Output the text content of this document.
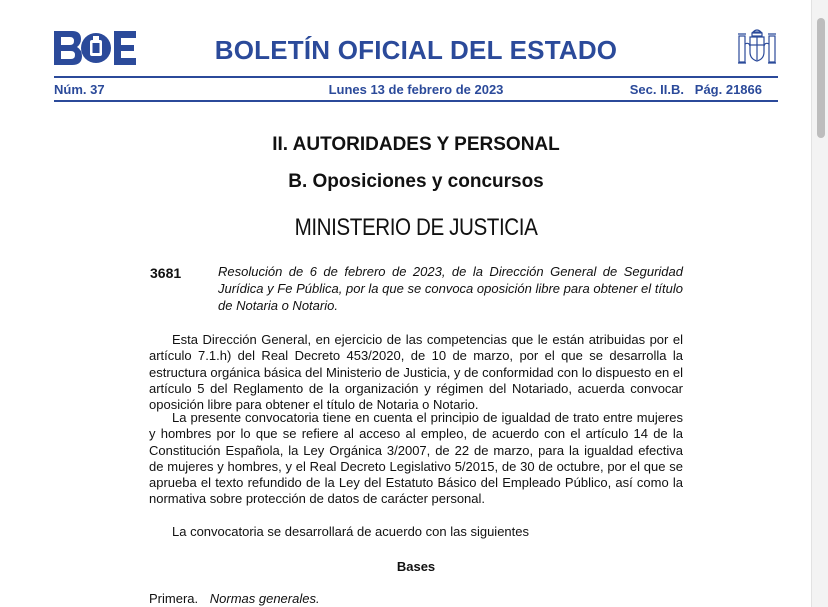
BOLETÍN OFICIAL DEL ESTADO
Núm. 37	Lunes 13 de febrero de 2023	Sec. II.B.   Pág. 21866
II. AUTORIDADES Y PERSONAL
B. Oposiciones y concursos
MINISTERIO DE JUSTICIA
3681	Resolución de 6 de febrero de 2023, de la Dirección General de Seguridad Jurídica y Fe Pública, por la que se convoca oposición libre para obtener el título de Notaria o Notario.

Esta Dirección General, en ejercicio de las competencias que le están atribuidas por el artículo 7.1.h) del Real Decreto 453/2020, de 10 de marzo, por el que se desarrolla la estructura orgánica básica del Ministerio de Justicia, y de conformidad con lo dispuesto en el artículo 5 del Reglamento de la organización y régimen del Notariado, acuerda convocar oposición libre para obtener el título de Notaria o Notario.

La presente convocatoria tiene en cuenta el principio de igualdad de trato entre mujeres y hombres por lo que se refiere al acceso al empleo, de acuerdo con el artículo 14 de la Constitución Española, la Ley Orgánica 3/2007, de 22 de marzo, para la igualdad efectiva de mujeres y hombres, y el Real Decreto Legislativo 5/2015, de 30 de octubre, por el que se aprueba el texto refundido de la Ley del Estatuto Básico del Empleado Público, así como la normativa sobre protección de datos de carácter personal.

La convocatoria se desarrollará de acuerdo con las siguientes

Bases
Primera. Normas generales.
